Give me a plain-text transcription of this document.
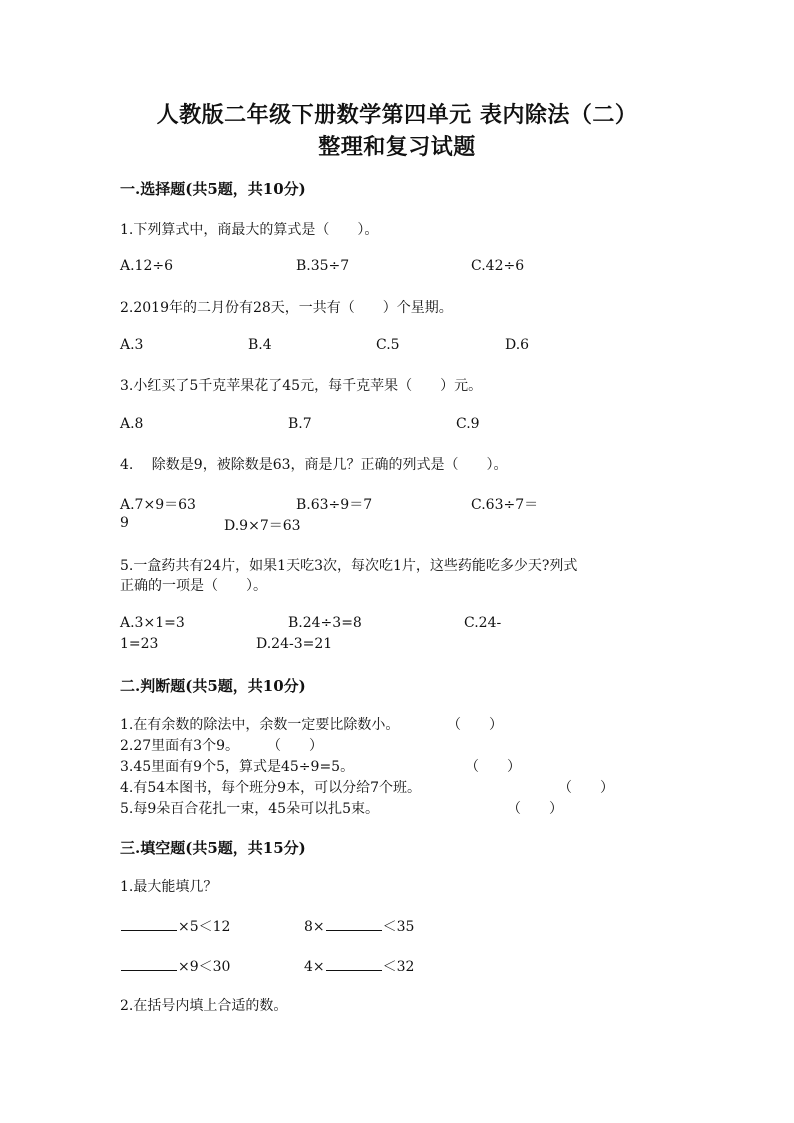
人教版二年级下册数学第四单元 表内除法（二）
整理和复习试题
一.选择题(共5题，共10分)
1.下列算式中，商最大的算式是（　　）。
A.12÷6	B.35÷7	C.42÷6
2.2019年的二月份有28天，一共有（　　）个星期。
A.3	B.4	C.5	D.6
3.小红买了5千克苹果花了45元，每千克苹果（　　）元。
A.8	B.7	C.9
4.　 除数是9，被除数是63，商是几？正确的列式是（　　）。
A.7×9＝63	B.63÷9＝7	C.63÷7＝
9	D.9×7＝63
5.一盒药共有24片，如果1天吃3次，每次吃1片，这些药能吃多少天?列式
正确的一项是（　　）。
A.3×1=3	B.24÷3=8	C.24-
1=23	D.24-3=21
二.判断题(共5题，共10分)
1.在有余数的除法中，余数一定要比除数小。	（　　）
2.27里面有3个9。 （　　）
3.45里面有9个5，算式是45÷9=5。	（　　）
4.有54本图书，每个班分9本，可以分给7个班。	（　　）
5.每9朵百合花扎一束，45朵可以扎5束。	（　　）
三.填空题(共5题，共15分)
1.最大能填几？
×5＜12	8×	＜35
×9＜30	4×	＜32
2.在括号内填上合适的数。
